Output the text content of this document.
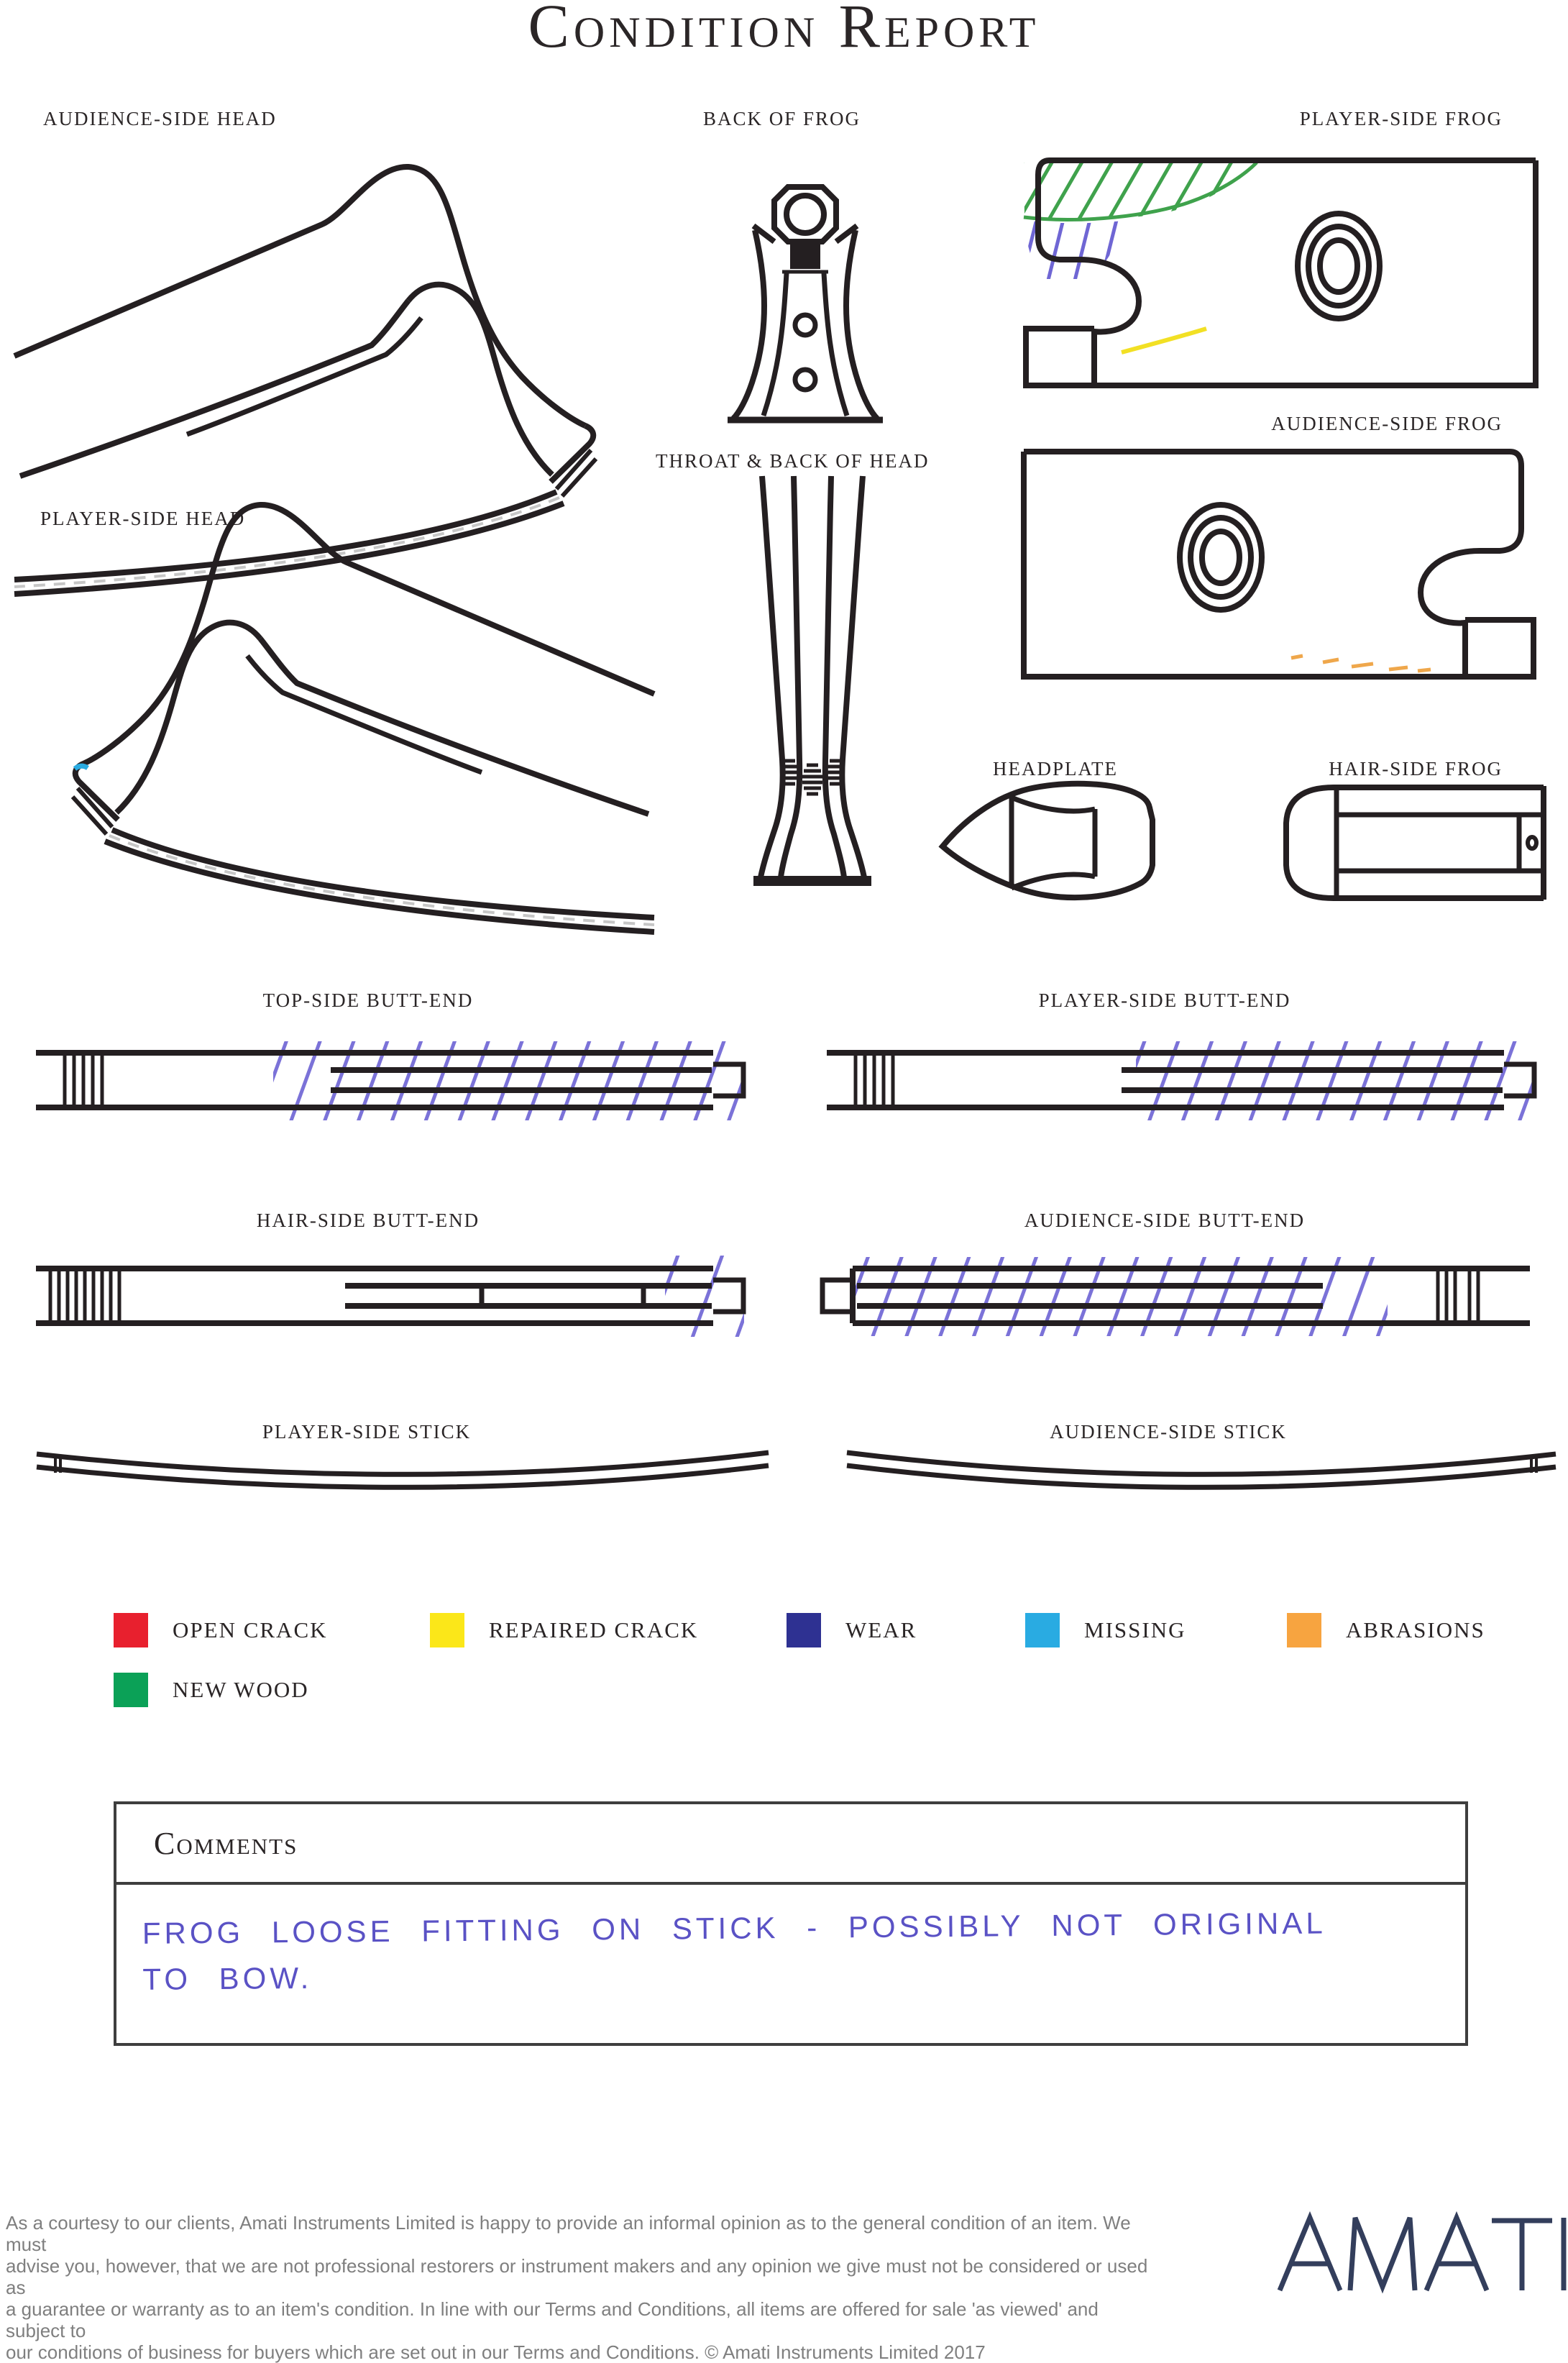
Condition Report
AUDIENCE-SIDE HEAD	BACK OF FROG	PLAYER-SIDE FROG
AUDIENCE-SIDE FROG
THROAT & BACK OF HEAD
PLAYER-SIDE HEAD
HEADPLATE	HAIR-SIDE FROG
TOP-SIDE BUTT-END	PLAYER-SIDE BUTT-END
HAIR-SIDE BUTT-END	AUDIENCE-SIDE BUTT-END
PLAYER-SIDE STICK	AUDIENCE-SIDE STICK
OPEN CRACK	REPAIRED CRACK	WEAR	MISSING	ABRASIONS
NEW WOOD
Comments
FROG LOOSE FITTING ON STICK - POSSIBLY NOT ORIGINAL
TO BOW.
As a courtesy to our clients, Amati Instruments Limited is happy to provide an informal opinion as to the general condition of an item. We must
advise you, however, that we are not professional restorers or instrument makers and any opinion we give must not be considered or used as
a guarantee or warranty as to an item's condition. In line with our Terms and Conditions, all items are offered for sale 'as viewed' and subject to
our conditions of business for buyers which are set out in our Terms and Conditions. © Amati Instruments Limited 2017
